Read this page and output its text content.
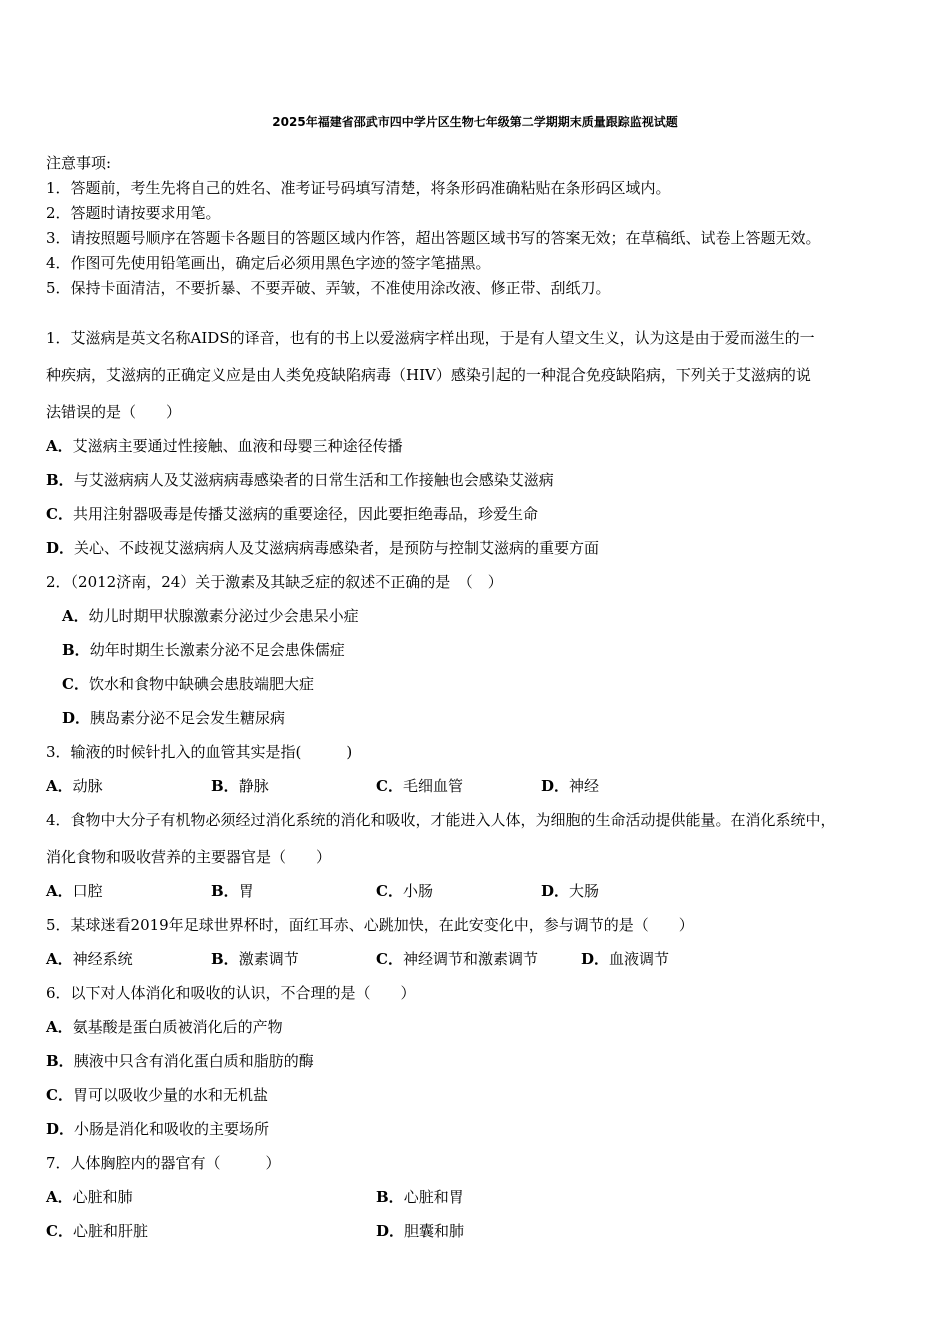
2025年福建省邵武市四中学片区生物七年级第二学期期末质量跟踪监视试题
注意事项:
1．答题前，考生先将自己的姓名、准考证号码填写清楚，将条形码准确粘贴在条形码区域内。
2．答题时请按要求用笔。
3．请按照题号顺序在答题卡各题目的答题区域内作答，超出答题区域书写的答案无效；在草稿纸、试卷上答题无效。
4．作图可先使用铅笔画出，确定后必须用黑色字迹的签字笔描黑。
5．保持卡面清洁，不要折暴、不要弄破、弄皱，不准使用涂改液、修正带、刮纸刀。
1．艾滋病是英文名称AIDS的译音，也有的书上以爱滋病字样出现，于是有人望文生义，认为这是由于爱而滋生的一
种疾病，艾滋病的正确定义应是由人类免疫缺陷病毒（HIV）感染引起的一种混合免疫缺陷病，下列关于艾滋病的说
法错误的是（　　）
A．艾滋病主要通过性接触、血液和母婴三种途径传播
B．与艾滋病病人及艾滋病病毒感染者的日常生活和工作接触也会感染艾滋病
C．共用注射器吸毒是传播艾滋病的重要途径，因此要拒绝毒品，珍爱生命
D．关心、不歧视艾滋病病人及艾滋病病毒感染者，是预防与控制艾滋病的重要方面
2．（2012济南，24）关于激素及其缺乏症的叙述不正确的是　（　）
A．幼儿时期甲状腺激素分泌过少会患呆小症
B．幼年时期生长激素分泌不足会患侏儒症
C．饮水和食物中缺碘会患肢端肥大症
D．胰岛素分泌不足会发生糖尿病
3．输液的时候针扎入的血管其实是指(　　　)
A．动脉	B．静脉	C．毛细血管	D．神经
4．食物中大分子有机物必须经过消化系统的消化和吸收，才能进入人体，为细胞的生命活动提供能量。在消化系统中，
消化食物和吸收营养的主要器官是（　　）
A．口腔	B．胃	C．小肠	D．大肠
5．某球迷看2019年足球世界杯时，面红耳赤、心跳加快，在此安变化中，参与调节的是（　　）
A．神经系统	B．激素调节	C．神经调节和激素调节	D．血液调节
6．以下对人体消化和吸收的认识，不合理的是（　　）
A．氨基酸是蛋白质被消化后的产物
B．胰液中只含有消化蛋白质和脂肪的酶
C．胃可以吸收少量的水和无机盐
D．小肠是消化和吸收的主要场所
7．人体胸腔内的器官有（　　　）
A．心脏和肺	B．心脏和胃
C．心脏和肝脏	D．胆囊和肺
